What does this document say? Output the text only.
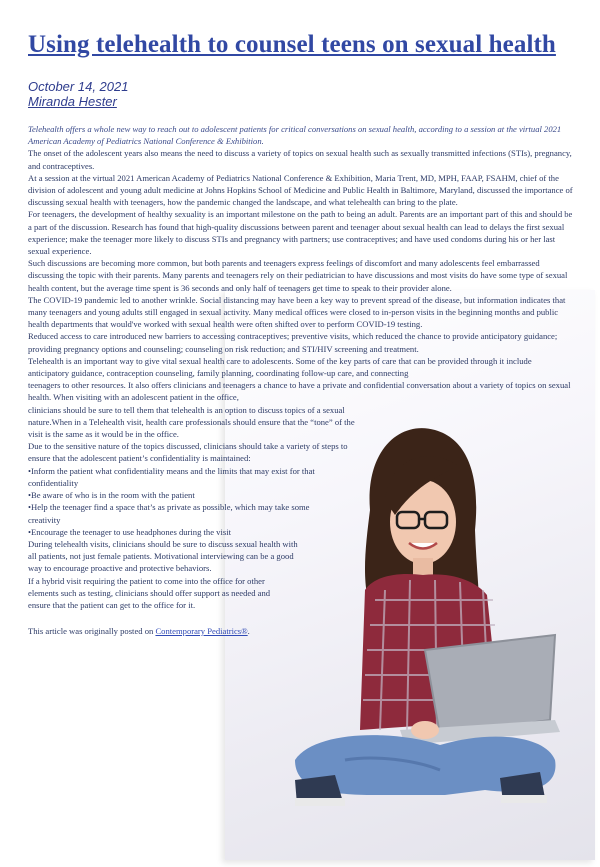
Using telehealth to counsel teens on sexual health
October 14, 2021
Miranda Hester

Telehealth offers a whole new way to reach out to adolescent patients for critical conversations on sexual health, according to a session at the virtual 2021 American Academy of Pediatrics National Conference & Exhibition.

The onset of the adolescent years also means the need to discuss a variety of topics on sexual health such as sexually transmitted infections (STIs), pregnancy, and contraceptives.

At a session at the virtual 2021 American Academy of Pediatrics National Conference & Exhibition, Maria Trent, MD, MPH, FAAP, FSAHM, chief of the division of adolescent and young adult medicine at Johns Hopkins School of Medicine and Public Health in Baltimore, Maryland, discussed the importance of discussing sexual health with teenagers, how the pandemic changed the landscape, and what telehealth can bring to the plate.

For teenagers, the development of healthy sexuality is an important milestone on the path to being an adult. Parents are an important part of this and should be a part of the discussion. Research has found that high-quality discussions between parent and teenager about sexual health can lead to delays the first sexual experience; make the teenager more likely to discuss STIs and pregnancy with partners; use contraceptives; and have used condoms during his or her last sexual experience.

Such discussions are becoming more common, but both parents and teenagers express feelings of discomfort and many adolescents feel embarrassed discussing the topic with their parents. Many parents and teenagers rely on their pediatrician to have discussions and most visits do have some type of sexual health content, but the average time spent is 36 seconds and only half of teenagers get time to speak to their provider alone.

The COVID-19 pandemic led to another wrinkle. Social distancing may have been a key way to prevent spread of the disease, but information indicates that many teenagers and young adults still engaged in sexual activity. Many medical offices were closed to in-person visits in the beginning months and public health departments that would've worked with sexual health were often shifted over to perform COVID-19 testing.

Reduced access to care introduced new barriers to accessing contraceptives; preventive visits, which reduced the chance to provide anticipatory guidance; providing pregnancy options and counseling; counseling on risk reduction; and STI/HIV screening and treatment.

Telehealth is an important way to give vital sexual health care to adolescents. Some of the key parts of care that can be provided through it include anticipatory guidance, contraception counseling, family planning, coordinating follow-up care, and connecting

teenagers to other resources. It also offers clinicians and teenagers a chance to have a private and confidential conversation about a variety of topics on sexual health. When visiting with an adolescent patient in the office,

clinicians should be sure to tell them that telehealth is an option to discuss topics of a sexual nature.When in a Telehealth visit, health care professionals should ensure that the “tone” of the visit is the same as it would be in the office.

Due to the sensitive nature of the topics discussed, clinicians should take a variety of steps to ensure that the adolescent patient’s confidentiality is maintained:

•Inform the patient what confidentiality means and the limits that may exist for that confidentiality
•Be aware of who is in the room with the patient
•Help the teenager find a space that’s as private as possible, which may take some creativity
•Encourage the teenager to use headphones during the visit

During telehealth visits, clinicians should be sure to discuss sexual health with all patients, not just female patients. Motivational interviewing can be a good way to encourage proactive and protective behaviors.

If a hybrid visit requiring the patient to come into the office for other elements such as testing, clinicians should offer support as needed and ensure that the patient can get to the office for it.

This article was originally posted on Contemporary Pediatrics®.
